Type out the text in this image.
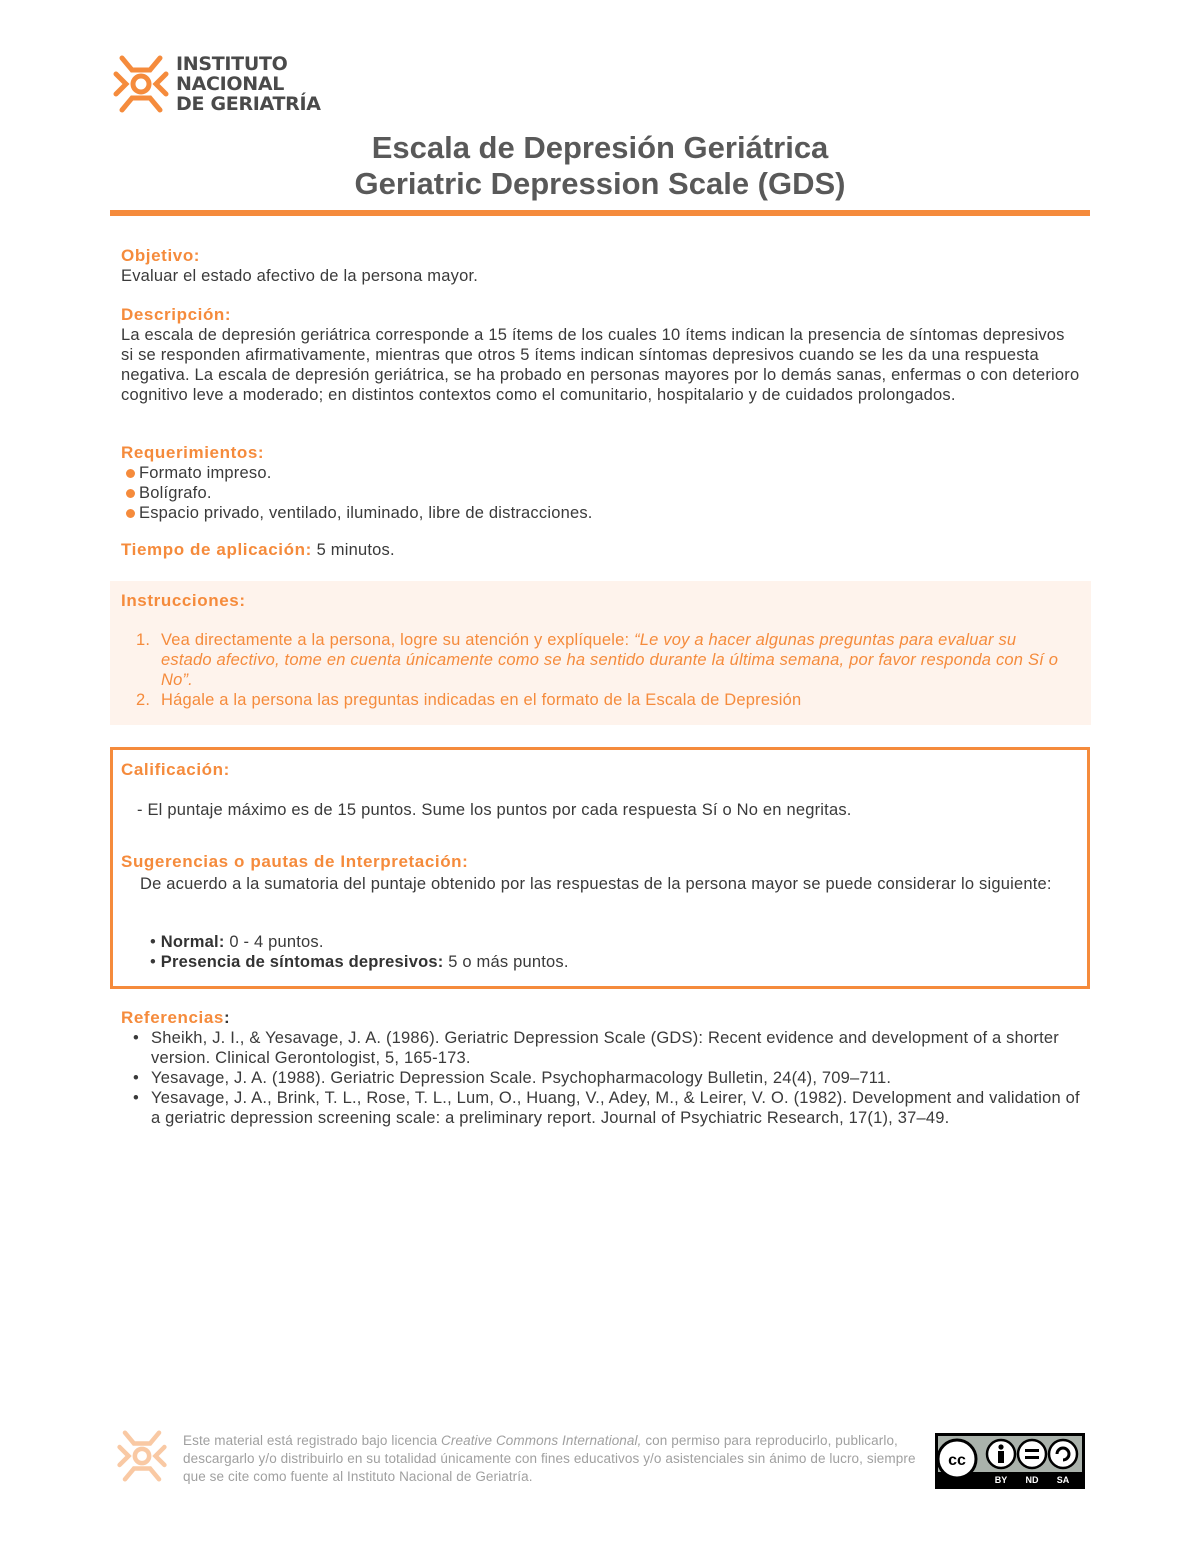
INSTITUTO
NACIONAL
DE GERIATRÍA
Escala de Depresión Geriátrica
Geriatric Depression Scale (GDS)
Objetivo:
Evaluar el estado afectivo de la persona mayor.
Descripción:
La escala de depresión geriátrica corresponde a 15 ítems de los cuales 10 ítems indican la presencia de síntomas depresivos si se responden afirmativamente, mientras que otros 5 ítems indican síntomas depresivos cuando se les da una respuesta negativa. La escala de depresión geriátrica, se ha probado en personas mayores por lo demás sanas, enfermas o con deterioro cognitivo leve a moderado; en distintos contextos como el comunitario, hospitalario y de cuidados prolongados.
Requerimientos:
Formato impreso.
Bolígrafo.
Espacio privado, ventilado, iluminado, libre de distracciones.
Tiempo de aplicación: 5 minutos.
Instrucciones:
1. Vea directamente a la persona, logre su atención y explíquele: “Le voy a hacer algunas preguntas para evaluar su estado afectivo, tome en cuenta únicamente como se ha sentido durante la última semana, por favor responda con Sí o No”.
2. Hágale a la persona las preguntas indicadas en el formato de la Escala de Depresión
Calificación:
- El puntaje máximo es de 15 puntos. Sume los puntos por cada respuesta Sí o No en negritas.
Sugerencias o pautas de Interpretación:
De acuerdo a la sumatoria del puntaje obtenido por las respuestas de la persona mayor se puede considerar lo siguiente:
• Normal: 0 - 4 puntos.
• Presencia de síntomas depresivos: 5 o más puntos.
Referencias:
• Sheikh, J. I., & Yesavage, J. A. (1986). Geriatric Depression Scale (GDS): Recent evidence and development of a shorter version. Clinical Gerontologist, 5, 165-173.
• Yesavage, J. A. (1988). Geriatric Depression Scale. Psychopharmacology Bulletin, 24(4), 709–711.
• Yesavage, J. A., Brink, T. L., Rose, T. L., Lum, O., Huang, V., Adey, M., & Leirer, V. O. (1982). Development and validation of a geriatric depression screening scale: a preliminary report. Journal of Psychiatric Research, 17(1), 37–49.
Este material está registrado bajo licencia Creative Commons International, con permiso para reproducirlo, publicarlo, descargarlo y/o distribuirlo en su totalidad únicamente con fines educativos y/o asistenciales sin ánimo de lucro, siempre que se cite como fuente al Instituto Nacional de Geriatría.
cc
BY ND SA
